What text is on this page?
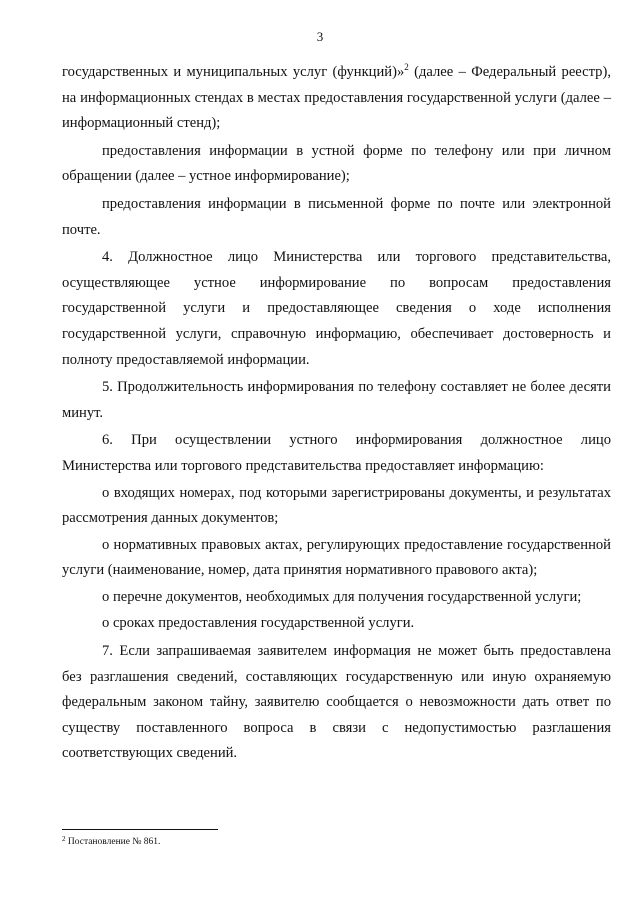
3

государственных и муниципальных услуг (функций)»$^2$ (далее – Федеральный реестр), на информационных стендах в местах предоставления государственной услуги (далее – информационный стенд);

предоставления информации в устной форме по телефону или при личном обращении (далее – устное информирование);

предоставления информации в письменной форме по почте или электронной почте.

4. Должностное лицо Министерства или торгового представительства, осуществляющее устное информирование по вопросам предоставления государственной услуги и предоставляющее сведения о ходе исполнения государственной услуги, справочную информацию, обеспечивает достоверность и полноту предоставляемой информации.

5. Продолжительность информирования по телефону составляет не более десяти минут.

6. При осуществлении устного информирования должностное лицо Министерства или торгового представительства предоставляет информацию:

о входящих номерах, под которыми зарегистрированы документы, и результатах рассмотрения данных документов;

о нормативных правовых актах, регулирующих предоставление государственной услуги (наименование, номер, дата принятия нормативного правового акта);

о перечне документов, необходимых для получения государственной услуги;

о сроках предоставления государственной услуги.

7. Если запрашиваемая заявителем информация не может быть предоставлена без разглашения сведений, составляющих государственную или иную охраняемую федеральным законом тайну, заявителю сообщается о невозможности дать ответ по существу поставленного вопроса в связи с недопустимостью разглашения соответствующих сведений.

$^2$ Постановление № 861.
